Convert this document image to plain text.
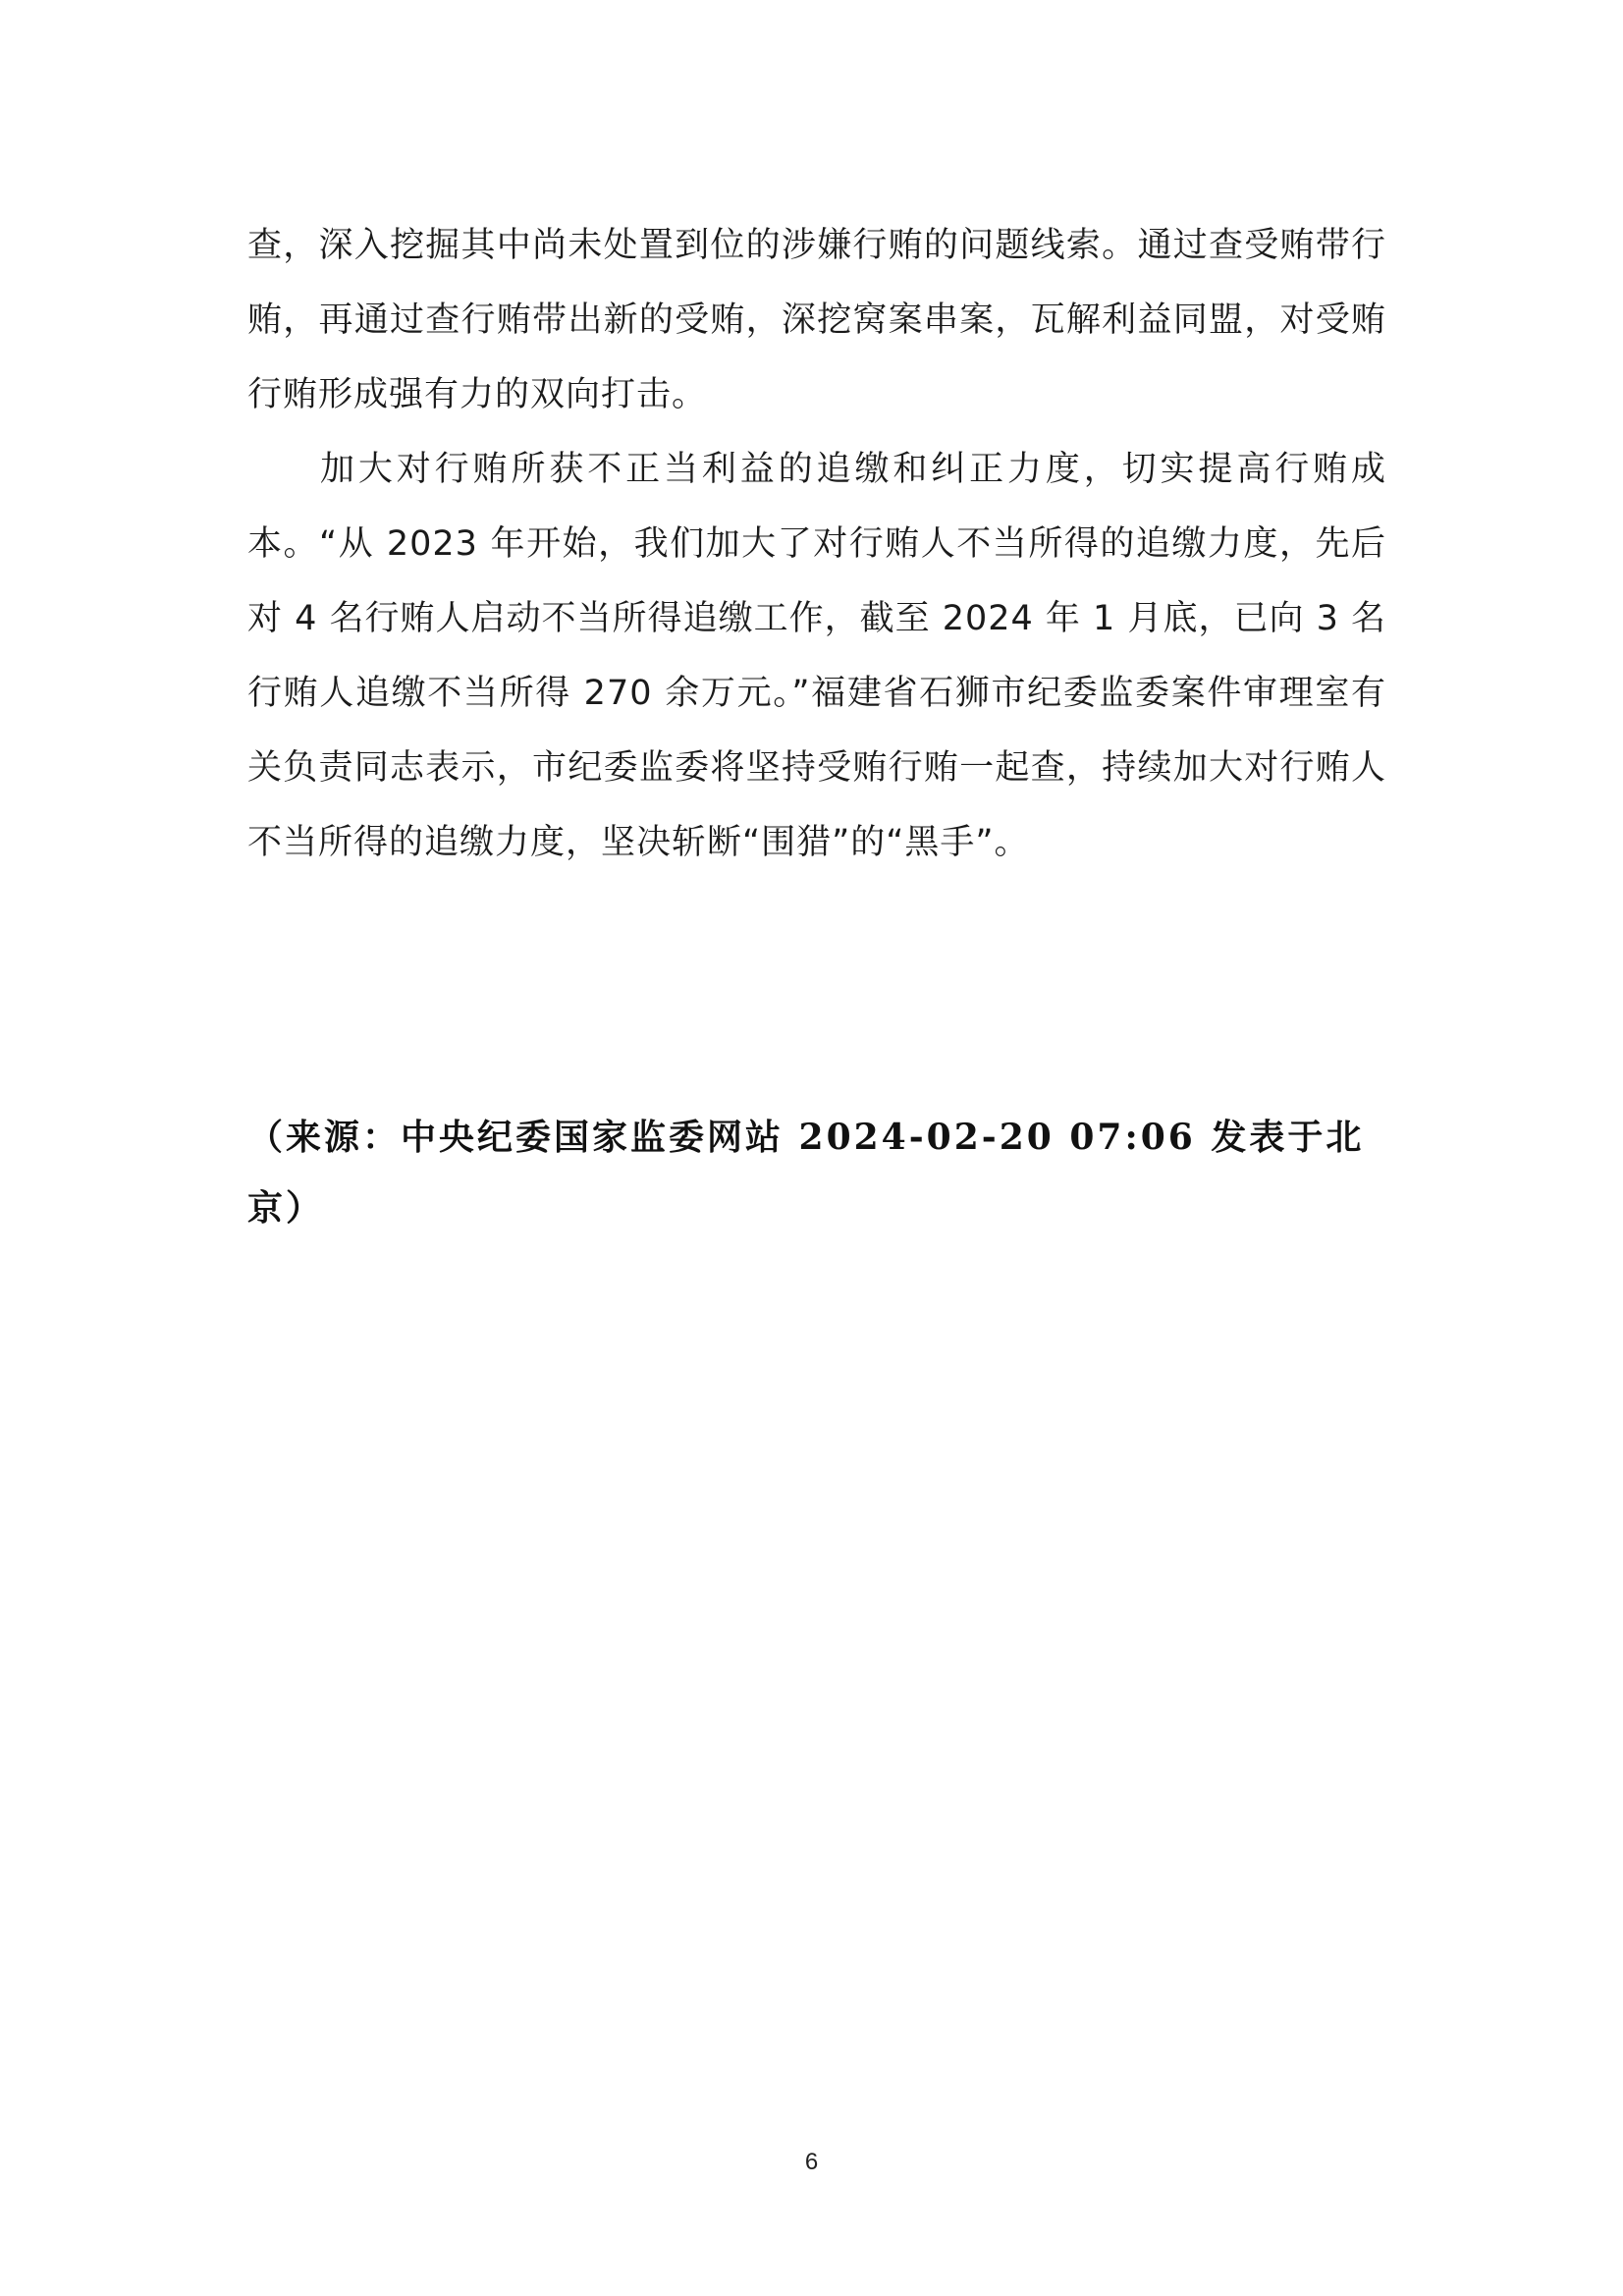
查，深入挖掘其中尚未处置到位的涉嫌行贿的问题线索。通过查受贿带行贿，再通过查行贿带出新的受贿，深挖窝案串案，瓦解利益同盟，对受贿行贿形成强有力的双向打击。

加大对行贿所获不正当利益的追缴和纠正力度，切实提高行贿成本。“从 2023 年开始，我们加大了对行贿人不当所得的追缴力度，先后对 4 名行贿人启动不当所得追缴工作，截至 2024 年 1 月底，已向 3 名行贿人追缴不当所得 270 余万元。”福建省石狮市纪委监委案件审理室有关负责同志表示，市纪委监委将坚持受贿行贿一起查，持续加大对行贿人不当所得的追缴力度，坚决斩断“围猎”的“黑手”。

（来源：中央纪委国家监委网站 2024-02-20 07:06 发表于北京）

6
